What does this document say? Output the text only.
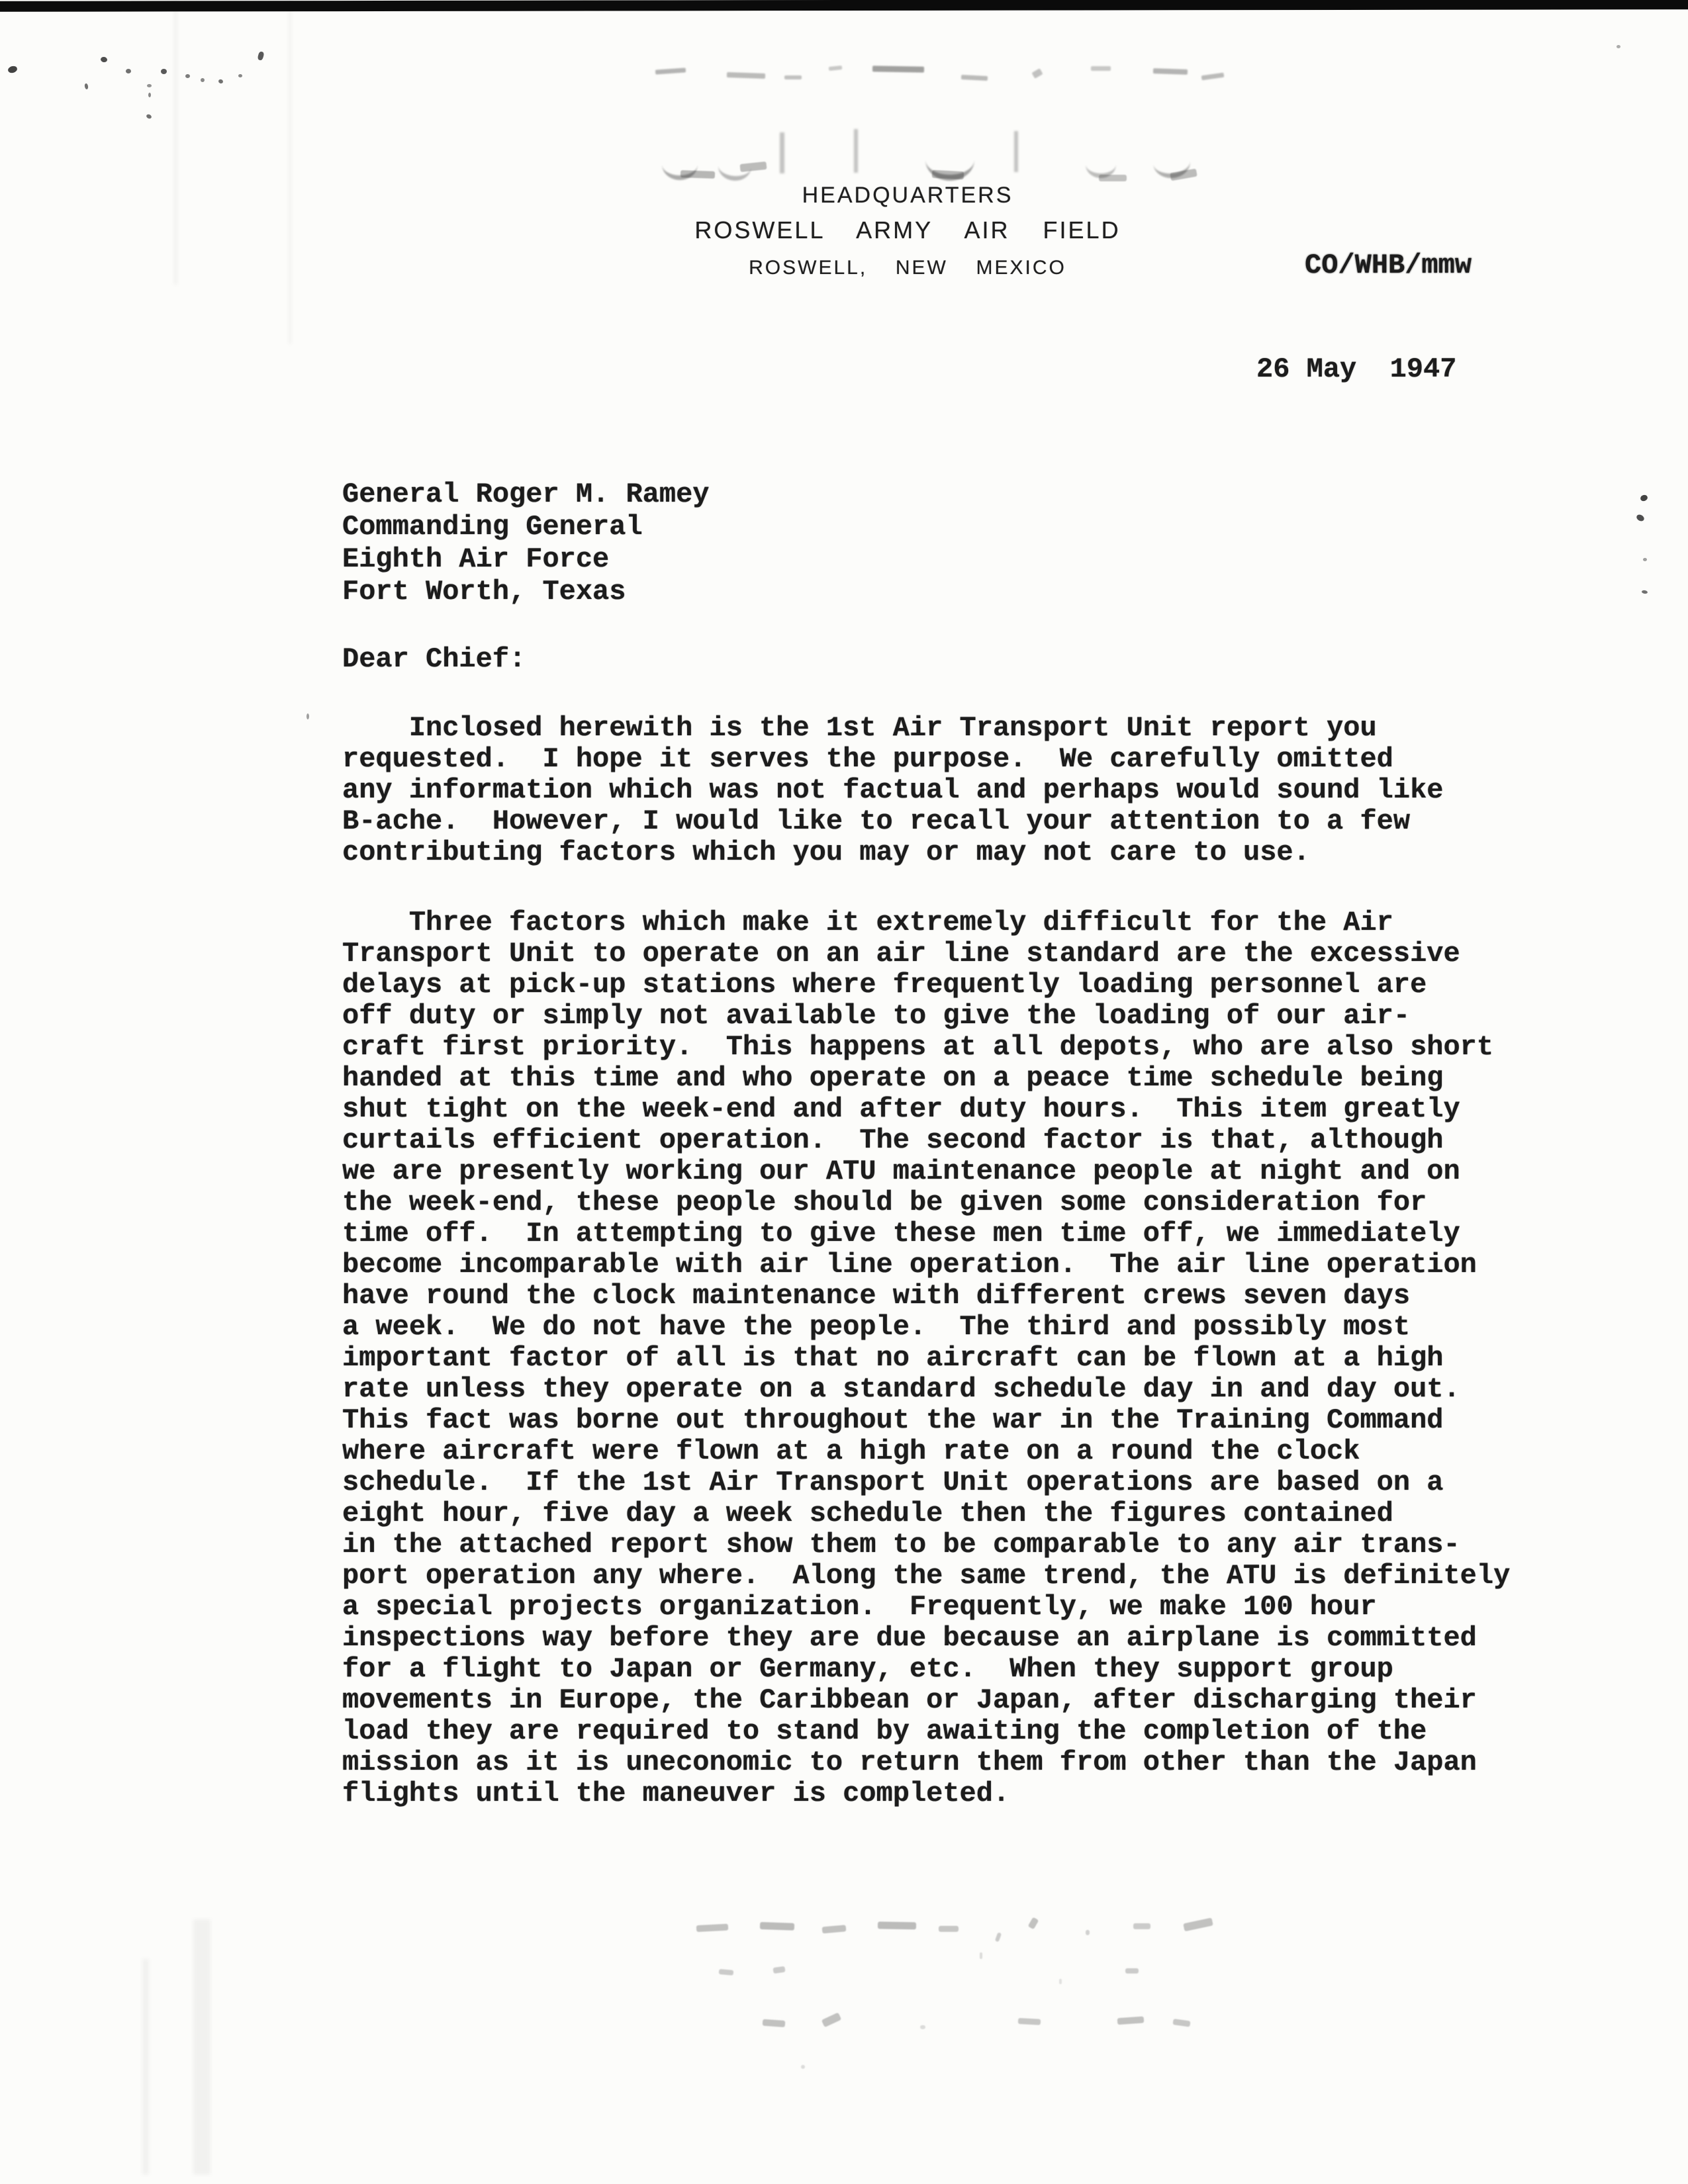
HEADQUARTERS
ROSWELL  ARMY  AIR  FIELD
ROSWELL,  NEW  MEXICO	CO/WHB/mmw
26 May  1947
General Roger M. Ramey
Commanding General
Eighth Air Force
Fort Worth, Texas
Dear Chief:
Inclosed herewith is the 1st Air Transport Unit report you
requested.  I hope it serves the purpose.  We carefully omitted
any information which was not factual and perhaps would sound like
B-ache.  However, I would like to recall your attention to a few
contributing factors which you may or may not care to use.
Three factors which make it extremely difficult for the Air
Transport Unit to operate on an air line standard are the excessive
delays at pick-up stations where frequently loading personnel are
off duty or simply not available to give the loading of our air-
craft first priority.  This happens at all depots, who are also short
handed at this time and who operate on a peace time schedule being
shut tight on the week-end and after duty hours.  This item greatly
curtails efficient operation.  The second factor is that, although
we are presently working our ATU maintenance people at night and on
the week-end, these people should be given some consideration for
time off.  In attempting to give these men time off, we immediately
become incomparable with air line operation.  The air line operation
have round the clock maintenance with different crews seven days
a week.  We do not have the people.  The third and possibly most
important factor of all is that no aircraft can be flown at a high
rate unless they operate on a standard schedule day in and day out.
This fact was borne out throughout the war in the Training Command
where aircraft were flown at a high rate on a round the clock
schedule.  If the 1st Air Transport Unit operations are based on a
eight hour, five day a week schedule then the figures contained
in the attached report show them to be comparable to any air trans-
port operation any where.  Along the same trend, the ATU is definitely
a special projects organization.  Frequently, we make 100 hour
inspections way before they are due because an airplane is committed
for a flight to Japan or Germany, etc.  When they support group
movements in Europe, the Caribbean or Japan, after discharging their
load they are required to stand by awaiting the completion of the
mission as it is uneconomic to return them from other than the Japan
flights until the maneuver is completed.
